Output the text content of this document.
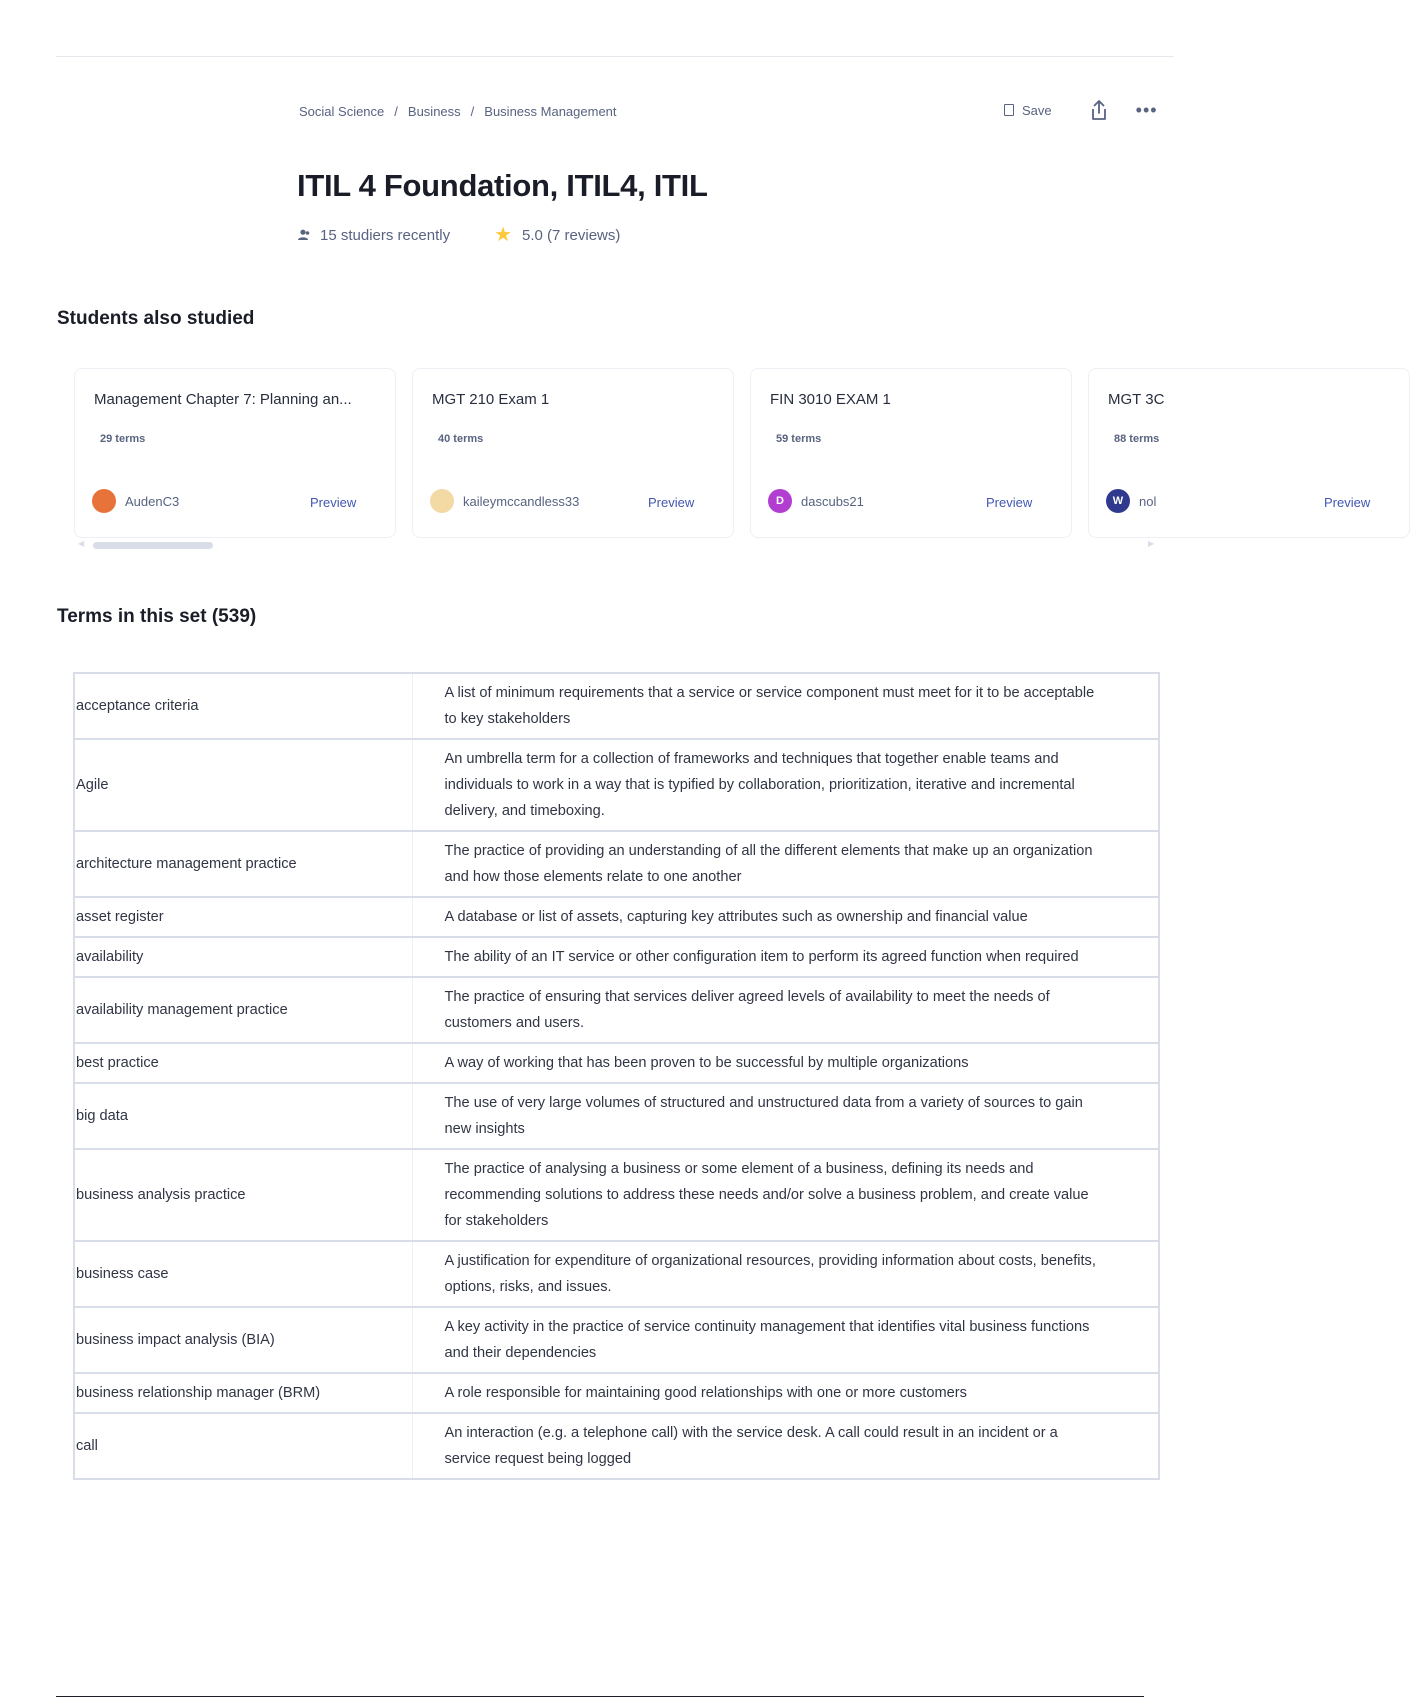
Social Science / Business / Business Management	Save	•••
ITIL 4 Foundation, ITIL4, ITIL
15 studiers recently ★ 5.0 (7 reviews)
Students also studied
Management Chapter 7: Planning an...
29 terms
AudenC3	Preview
MGT 210 Exam 1
40 terms
kaileymccandless33	Preview
FIN 3010 EXAM 1
59 terms
D dascubs21	Preview
MGT 3C
88 terms
W nol	Preview
◀	▶
Terms in this set (539)
acceptance criteria	A list of minimum requirements that a service or service component must meet for it to be acceptable to key stakeholders
Agile	An umbrella term for a collection of frameworks and techniques that together enable teams and individuals to work in a way that is typified by collaboration, prioritization, iterative and incremental delivery, and timeboxing.
architecture management practice	The practice of providing an understanding of all the different elements that make up an organization and how those elements relate to one another
asset register	A database or list of assets, capturing key attributes such as ownership and financial value
availability	The ability of an IT service or other configuration item to perform its agreed function when required
availability management practice	The practice of ensuring that services deliver agreed levels of availability to meet the needs of customers and users.
best practice	A way of working that has been proven to be successful by multiple organizations
big data	The use of very large volumes of structured and unstructured data from a variety of sources to gain new insights
business analysis practice	The practice of analysing a business or some element of a business, defining its needs and recommending solutions to address these needs and/or solve a business problem, and create value for stakeholders
business case	A justification for expenditure of organizational resources, providing information about costs, benefits, options, risks, and issues.
business impact analysis (BIA)	A key activity in the practice of service continuity management that identifies vital business functions and their dependencies
business relationship manager (BRM)	A role responsible for maintaining good relationships with one or more customers
call	An interaction (e.g. a telephone call) with the service desk. A call could result in an incident or a service request being logged
